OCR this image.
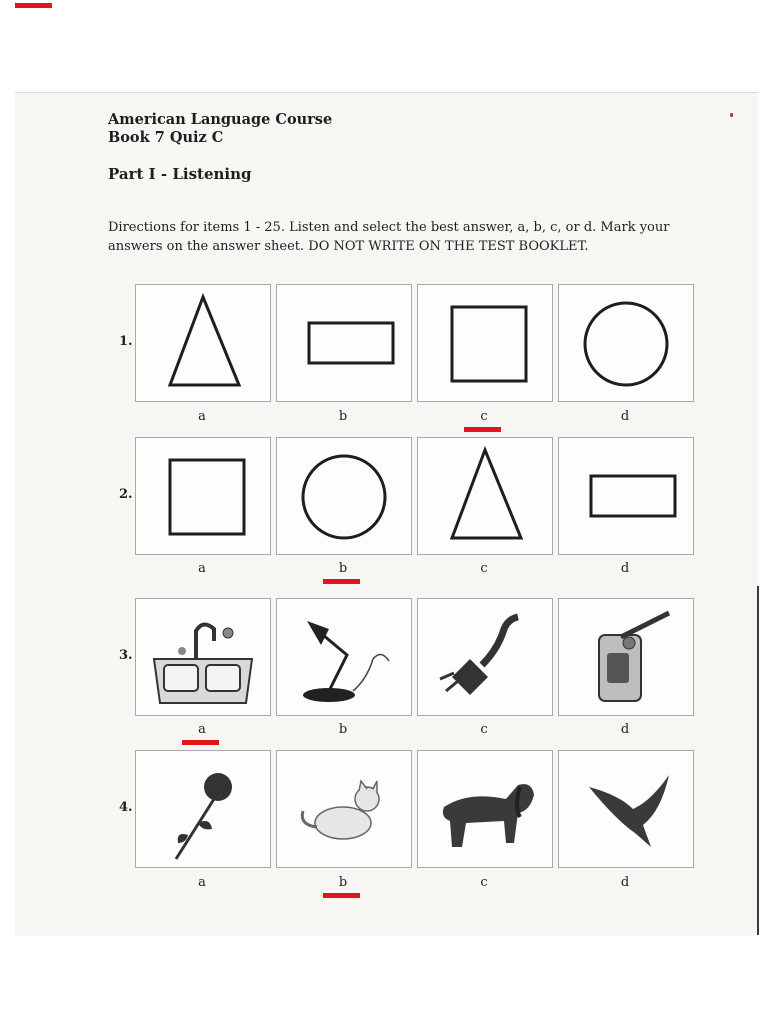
American Language Course
Book 7 Quiz C
Part I - Listening
Directions for items 1 - 25. Listen and select the best answer, a, b, c, or d. Mark your answers on the answer sheet. DO NOT WRITE ON THE TEST BOOKLET.
1.
a	b	c	d
2.
a	b	c	d
3.
a	b	c	d
4.
a	b	c	d
